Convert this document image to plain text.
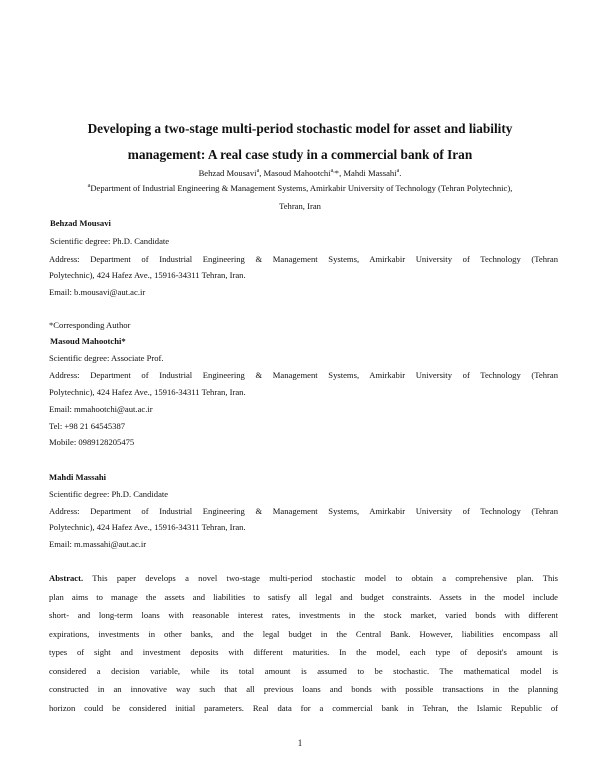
Developing a two-stage multi-period stochastic model for asset and liability
management: A real case study in a commercial bank of Iran

Behzad Mousavi$^a$, Masoud Mahootchi$^{a,}$*, Mahdi Massahi$^a$.
$^a$Department of Industrial Engineering & Management Systems, Amirkabir University of Technology (Tehran Polytechnic),
Tehran, Iran
Behzad Mousavi
Scientific degree: Ph.D. Candidate
Address: Department of Industrial Engineering & Management Systems, Amirkabir University of Technology (Tehran
Polytechnic), 424 Hafez Ave., 15916-34311 Tehran, Iran.
Email: b.mousavi@aut.ac.ir
*Corresponding Author
Masoud Mahootchi*
Scientific degree: Associate Prof.
Address: Department of Industrial Engineering & Management Systems, Amirkabir University of Technology (Tehran
Polytechnic), 424 Hafez Ave., 15916-34311 Tehran, Iran.
Email: mmahootchi@aut.ac.ir
Tel: +98 21 64545387
Mobile: 0989128205475
Mahdi Massahi
Scientific degree: Ph.D. Candidate
Address: Department of Industrial Engineering & Management Systems, Amirkabir University of Technology (Tehran
Polytechnic), 424 Hafez Ave., 15916-34311 Tehran, Iran.
Email: m.massahi@aut.ac.ir
Abstract. This paper develops a novel two-stage multi-period stochastic model to obtain a comprehensive plan. This
plan aims to manage the assets and liabilities to satisfy all legal and budget constraints. Assets in the model include
short- and long-term loans with reasonable interest rates, investments in the stock market, varied bonds with different
expirations, investments in other banks, and the legal budget in the Central Bank. However, liabilities encompass all
types of sight and investment deposits with different maturities. In the model, each type of deposit's amount is
considered a decision variable, while its total amount is assumed to be stochastic. The mathematical model is
constructed in an innovative way such that all previous loans and bonds with possible transactions in the planning
horizon could be considered initial parameters. Real data for a commercial bank in Tehran, the Islamic Republic of
1
